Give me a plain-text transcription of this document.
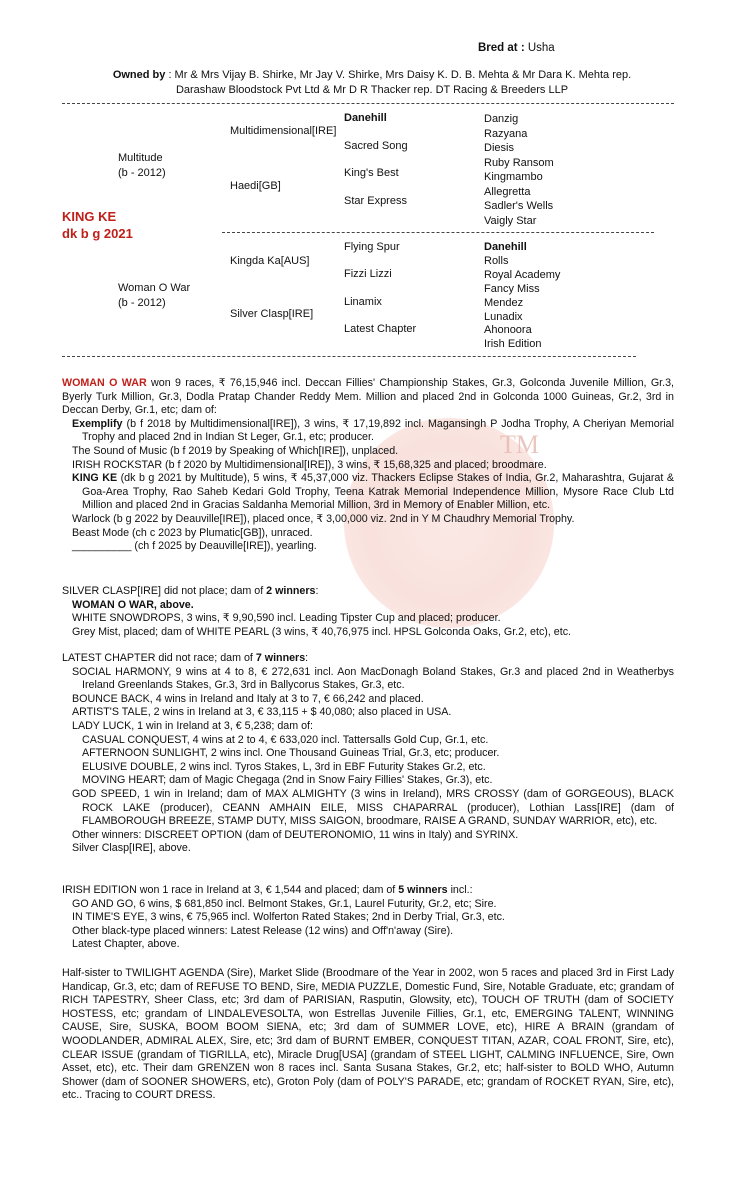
Bred at : Usha
Owned by : Mr & Mrs Vijay B. Shirke, Mr Jay V. Shirke, Mrs Daisy K. D. B. Mehta & Mr Dara K. Mehta rep. Darashaw Bloodstock Pvt Ltd & Mr D R Thacker rep. DT Racing & Breeders LLP
Multitude
(b - 2012)
Multidimensional[IRE]
Haedi[GB]
KING KE
dk b g 2021
Woman O War
(b - 2012)
Kingda Ka[AUS]
Silver Clasp[IRE]
Danehill
Sacred Song
King's Best
Star Express
Flying Spur
Fizzi Lizzi
Linamix
Latest Chapter
Danzig
Razyana
Diesis
Ruby Ransom
Kingmambo
Allegretta
Sadler's Wells
Vaigly Star
Danehill
Rolls
Royal Academy
Fancy Miss
Mendez
Lunadix
Ahonoora
Irish Edition
TM

WOMAN O WAR won 9 races, ₹ 76,15,946 incl. Deccan Fillies' Championship Stakes, Gr.3, Golconda Juvenile Million, Gr.3, Byerly Turk Million, Gr.3, Dodla Pratap Chander Reddy Mem. Million and placed 2nd in Golconda 1000 Guineas, Gr.2, 3rd in Deccan Derby, Gr.1, etc; dam of:

Exemplify (b f 2018 by Multidimensional[IRE]), 3 wins, ₹ 17,19,892 incl. Magansingh P Jodha Trophy, A Cheriyan Memorial Trophy and placed 2nd in Indian St Leger, Gr.1, etc; producer.

The Sound of Music (b f 2019 by Speaking of Which[IRE]), unplaced.

IRISH ROCKSTAR (b f 2020 by Multidimensional[IRE]), 3 wins, ₹ 15,68,325 and placed; broodmare.

KING KE (dk b g 2021 by Multitude), 5 wins, ₹ 45,37,000 viz. Thackers Eclipse Stakes of India, Gr.2, Maharashtra, Gujarat & Goa-Area Trophy, Rao Saheb Kedari Gold Trophy, Teena Katrak Memorial Independence Million, Mysore Race Club Ltd Million and placed 2nd in Gracias Saldanha Memorial Million, 3rd in Memory of Enabler Million, etc.

Warlock (b g 2022 by Deauville[IRE]), placed once, ₹ 3,00,000 viz. 2nd in Y M Chaudhry Memorial Trophy.

Beast Mode (ch c 2023 by Plumatic[GB]), unraced.

__________ (ch f 2025 by Deauville[IRE]), yearling.

SILVER CLASP[IRE] did not place; dam of 2 winners:

WOMAN O WAR, above.

WHITE SNOWDROPS, 3 wins, ₹ 9,90,590 incl. Leading Tipster Cup and placed; producer.

Grey Mist, placed; dam of WHITE PEARL (3 wins, ₹ 40,76,975 incl. HPSL Golconda Oaks, Gr.2, etc), etc.

LATEST CHAPTER did not race; dam of 7 winners:

SOCIAL HARMONY, 9 wins at 4 to 8, € 272,631 incl. Aon MacDonagh Boland Stakes, Gr.3 and placed 2nd in Weatherbys Ireland Greenlands Stakes, Gr.3, 3rd in Ballycorus Stakes, Gr.3, etc.

BOUNCE BACK, 4 wins in Ireland and Italy at 3 to 7, € 66,242 and placed.

ARTIST'S TALE, 2 wins in Ireland at 3, € 33,115 + $ 40,080; also placed in USA.

LADY LUCK, 1 win in Ireland at 3, € 5,238; dam of:

CASUAL CONQUEST, 4 wins at 2 to 4, € 633,020 incl. Tattersalls Gold Cup, Gr.1, etc.

AFTERNOON SUNLIGHT, 2 wins incl. One Thousand Guineas Trial, Gr.3, etc; producer.

ELUSIVE DOUBLE, 2 wins incl. Tyros Stakes, L, 3rd in EBF Futurity Stakes Gr.2, etc.

MOVING HEART; dam of Magic Chegaga (2nd in Snow Fairy Fillies' Stakes, Gr.3), etc.

GOD SPEED, 1 win in Ireland; dam of MAX ALMIGHTY (3 wins in Ireland), MRS CROSSY (dam of GORGEOUS), BLACK ROCK LAKE (producer), CEANN AMHAIN EILE, MISS CHAPARRAL (producer), Lothian Lass[IRE] (dam of FLAMBOROUGH BREEZE, STAMP DUTY, MISS SAIGON, broodmare, RAISE A GRAND, SUNDAY WARRIOR, etc), etc.

Other winners: DISCREET OPTION (dam of DEUTERONOMIO, 11 wins in Italy) and SYRINX.

Silver Clasp[IRE], above.

IRISH EDITION won 1 race in Ireland at 3, € 1,544 and placed; dam of 5 winners incl.:

GO AND GO, 6 wins, $ 681,850 incl. Belmont Stakes, Gr.1, Laurel Futurity, Gr.2, etc; Sire.

IN TIME'S EYE, 3 wins, € 75,965 incl. Wolferton Rated Stakes; 2nd in Derby Trial, Gr.3, etc.

Other black-type placed winners: Latest Release (12 wins) and Off'n'away (Sire).

Latest Chapter, above.

Half-sister to TWILIGHT AGENDA (Sire), Market Slide (Broodmare of the Year in 2002, won 5 races and placed 3rd in First Lady Handicap, Gr.3, etc; dam of REFUSE TO BEND, Sire, MEDIA PUZZLE, Domestic Fund, Sire, Notable Graduate, etc; grandam of RICH TAPESTRY, Sheer Class, etc; 3rd dam of PARISIAN, Rasputin, Glowsity, etc), TOUCH OF TRUTH (dam of SOCIETY HOSTESS, etc; grandam of LINDALEVESOLTA, won Estrellas Juvenile Fillies, Gr.1, etc, EMERGING TALENT, WINNING CAUSE, Sire, SUSKA, BOOM BOOM SIENA, etc; 3rd dam of SUMMER LOVE, etc), HIRE A BRAIN (grandam of WOODLANDER, ADMIRAL ALEX, Sire, etc; 3rd dam of BURNT EMBER, CONQUEST TITAN, AZAR, COAL FRONT, Sire, etc), CLEAR ISSUE (grandam of TIGRILLA, etc), Miracle Drug[USA] (grandam of STEEL LIGHT, CALMING INFLUENCE, Sire, Own Asset, etc), etc. Their dam GRENZEN won 8 races incl. Santa Susana Stakes, Gr.2, etc; half-sister to BOLD WHO, Autumn Shower (dam of SOONER SHOWERS, etc), Groton Poly (dam of POLY'S PARADE, etc; grandam of ROCKET RYAN, Sire, etc), etc.. Tracing to COURT DRESS.
